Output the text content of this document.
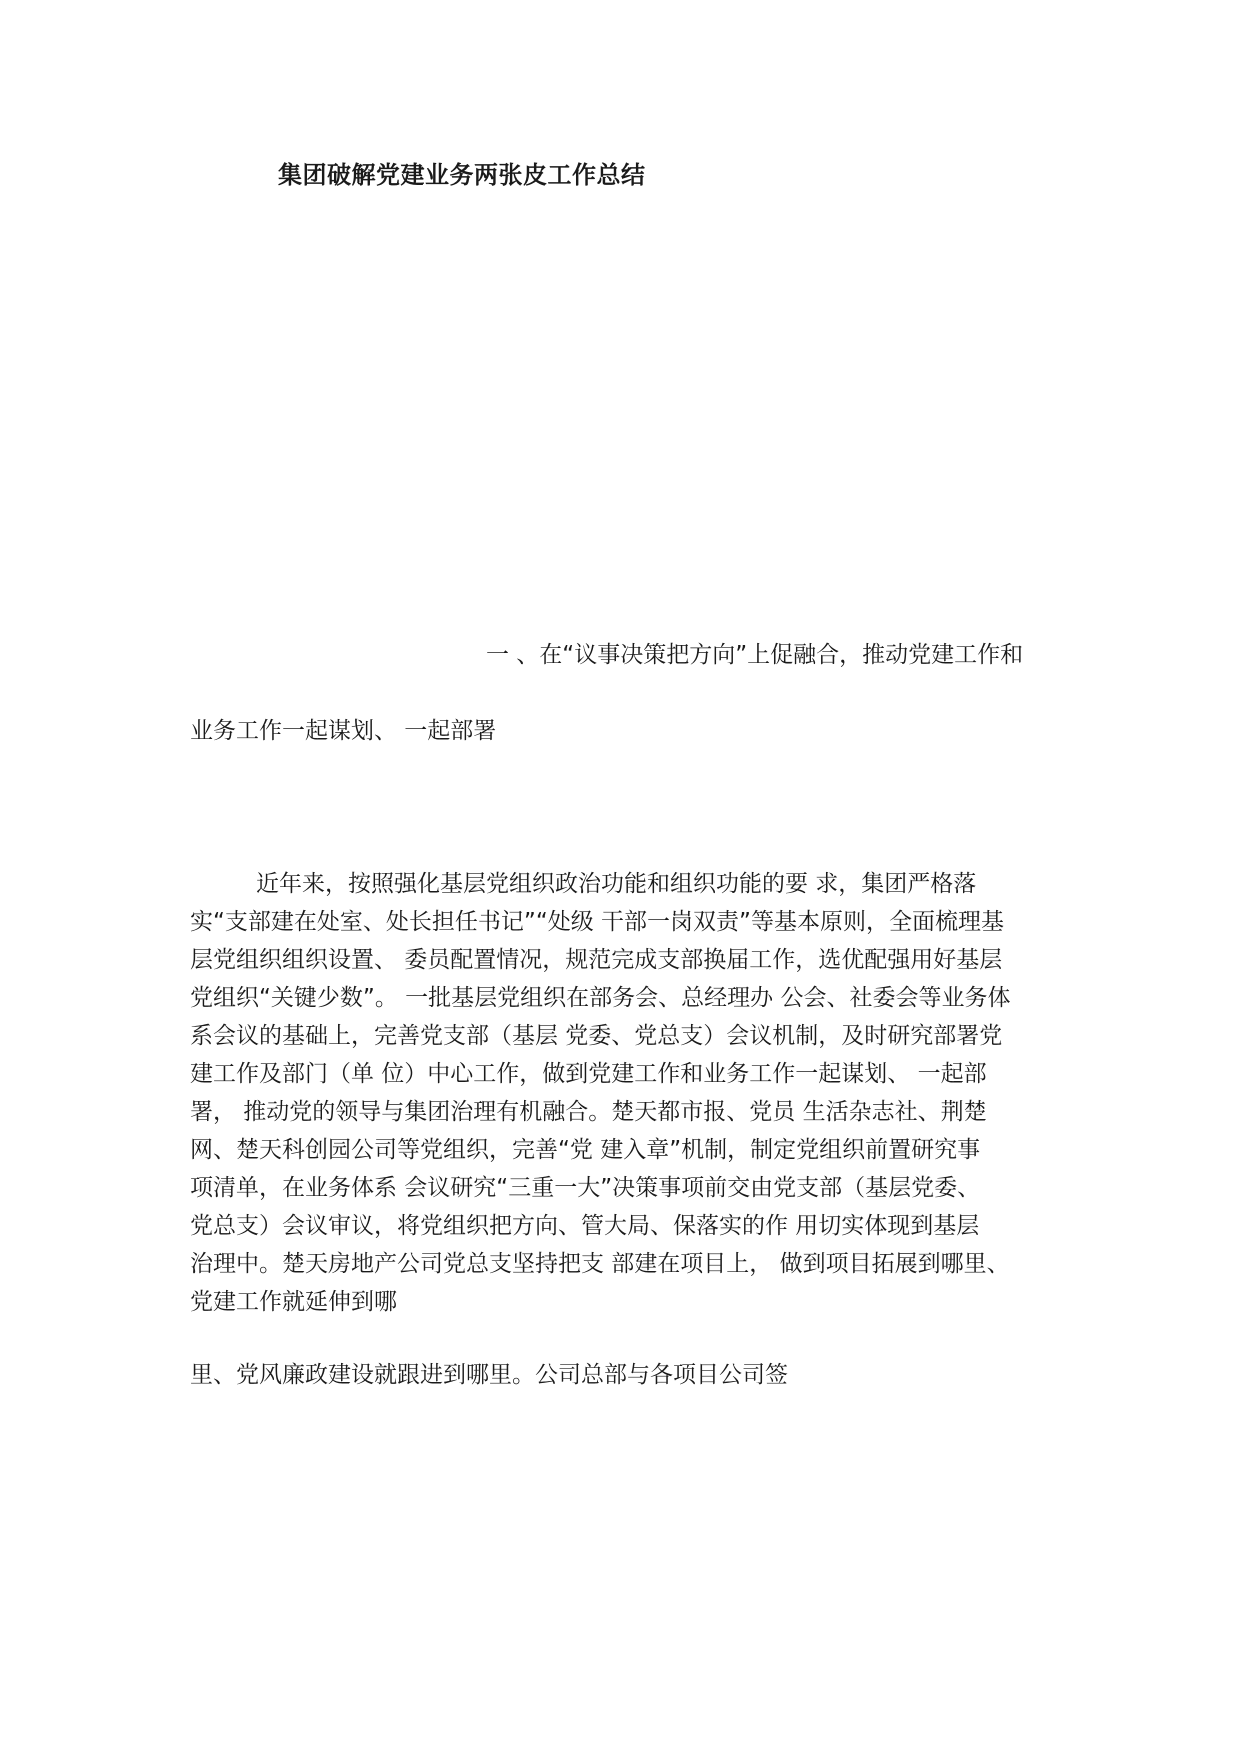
集团破解党建业务两张皮工作总结
一 、在“议事决策把方向”上促融合，推动党建工作和
业务工作一起谋划、 一起部署
近年来，按照强化基层党组织政治功能和组织功能的要 求，集团严格落
实“支部建在处室、处长担任书记”“处级 干部一岗双责”等基本原则，全面梳理基
层党组织组织设置、 委员配置情况，规范完成支部换届工作，选优配强用好基层
党组织“关键少数”。 一批基层党组织在部务会、总经理办 公会、社委会等业务体
系会议的基础上，完善党支部（基层 党委、党总支）会议机制，及时研究部署党
建工作及部门（单 位）中心工作，做到党建工作和业务工作一起谋划、 一起部
署， 推动党的领导与集团治理有机融合。楚天都市报、党员 生活杂志社、荆楚
网、楚天科创园公司等党组织，完善“党 建入章”机制，制定党组织前置研究事
项清单，在业务体系 会议研究“三重一大”决策事项前交由党支部（基层党委、
党总支）会议审议，将党组织把方向、管大局、保落实的作 用切实体现到基层
治理中。楚天房地产公司党总支坚持把支 部建在项目上， 做到项目拓展到哪里、
党建工作就延伸到哪
里、党风廉政建设就跟进到哪里。公司总部与各项目公司签
